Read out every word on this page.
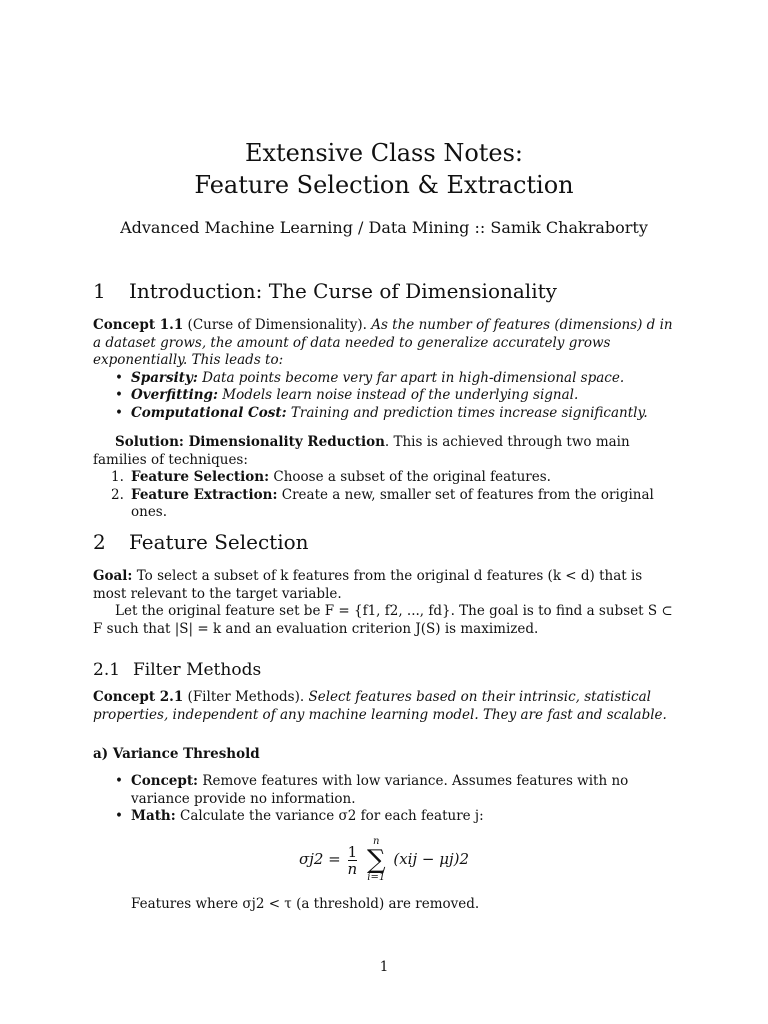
Extensive Class Notes:
Feature Selection & Extraction
Advanced Machine Learning / Data Mining :: Samik Chakraborty
1 Introduction: The Curse of Dimensionality
Concept 1.1 (Curse of Dimensionality). As the number of features (dimensions) d in a dataset grows, the amount of data needed to generalize accurately grows exponentially. This leads to:
• Sparsity: Data points become very far apart in high-dimensional space.
• Overfitting: Models learn noise instead of the underlying signal.
• Computational Cost: Training and prediction times increase significantly.
Solution: Dimensionality Reduction. This is achieved through two main families of techniques:
1. Feature Selection: Choose a subset of the original features.
2. Feature Extraction: Create a new, smaller set of features from the original ones.
2 Feature Selection
Goal: To select a subset of k features from the original d features (k < d) that is most relevant to the target variable.
Let the original feature set be F = {f1, f2, ..., fd}. The goal is to find a subset S ⊂ F such that |S| = k and an evaluation criterion J(S) is maximized.
2.1 Filter Methods
Concept 2.1 (Filter Methods). Select features based on their intrinsic, statistical properties, independent of any machine learning model. They are fast and scalable.
a) Variance Threshold
• Concept: Remove features with low variance. Assumes features with no variance provide no information.
• Math: Calculate the variance σ2 for each feature j:
$\sigma j2 = \frac{1}{n}$

n
∑
i=1
(xij − μj)2
Features where σj2 < τ (a threshold) are removed.
1
